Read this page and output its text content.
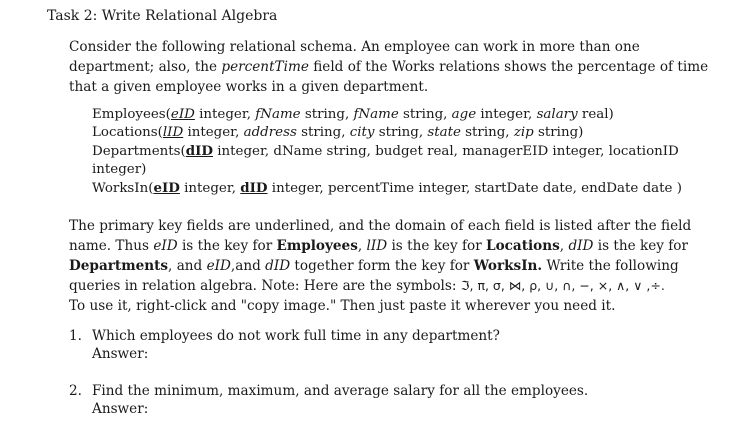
Task 2: Write Relational Algebra
Consider the following relational schema. An employee can work in more than one
department; also, the percentTime field of the Works relations shows the percentage of time
that a given employee works in a given department.
Employees(eID integer, fName string, fName string, age integer, salary real)
Locations(lID integer, address string, city string, state string, zip string)
Departments(dID integer, dName string, budget real, managerEID integer, locationID
integer)
WorksIn(eID integer, dID integer, percentTime integer, startDate date, endDate date )
The primary key fields are underlined, and the domain of each field is listed after the field
name. Thus eID is the key for Employees, lID is the key for Locations, dID is the key for
Departments, and eID,and dID together form the key for WorksIn. Write the following
queries in relation algebra. Note: Here are the symbols: ℑ, π, σ, ⋈, ρ, ∪, ∩, −, ×, ∧, ∨ ,÷.
To use it, right-click and "copy image." Then just paste it wherever you need it.
1. Which employees do not work full time in any department?
Answer:
2. Find the minimum, maximum, and average salary for all the employees.
Answer:
